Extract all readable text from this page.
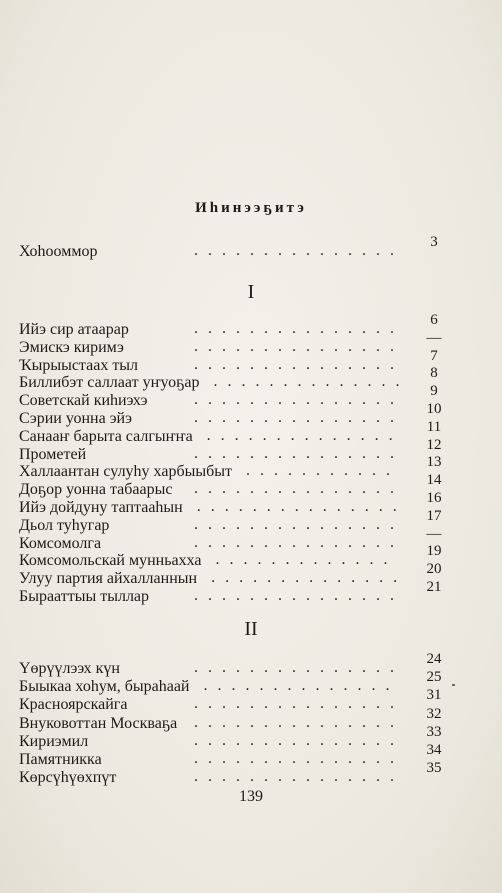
Иһинээҕитэ
Хоһооммор	. . . . . . . . . . . . . . .	3
I
Ийэ сир атаарар	. . . . . . . . . . . . . . .	6
Эмискэ киримэ	. . . . . . . . . . . . . . .	—
Ҡырыыстаах тыл	. . . . . . . . . . . . . . .	7
Биллибэт саллаат уҥуоҕар . . . . . . . . . . . . . .	8
Советскай киһиэхэ	. . . . . . . . . . . . . . .	9
Сэрии уонна эйэ	. . . . . . . . . . . . . . .	10
Санааҥ барыта салгыҥҥа . . . . . . . . . . . . . .	11
Прометей	. . . . . . . . . . . . . . .	12
Халлаантан сулуһу харбыыбыт . . . . . . . . . . .	13
Доҕор уонна табаарыс . . . . . . . . . . . . . . .	14
Ийэ дойдуну таптааһын . . . . . . . . . . . . . . .	16
Дьол туһугар	. . . . . . . . . . . . . . .	17
Комсомолга	. . . . . . . . . . . . . . .	—
Комсомольскай мунньахха . . . . . . . . . . . . .	19
Улуу партия айхалланнын . . . . . . . . . . . . . .	20
Бырааттыы тыллар	. . . . . . . . . . . . . . .	21
II
Үөрүүлээх күн	. . . . . . . . . . . . . . .	24
Быыкаа хоһум, быраһаай . . . . . . . . . . . . . .	25
Красноярскайга	. . . . . . . . . . . . . . .	31
Внуковоттан Москваҕа . . . . . . . . . . . . . . .	32
Кириэмил	. . . . . . . . . . . . . . .	33
Памятникка	. . . . . . . . . . . . . . .	34
Көрсүһүөхпүт	. . . . . . . . . . . . . . .	35
139
